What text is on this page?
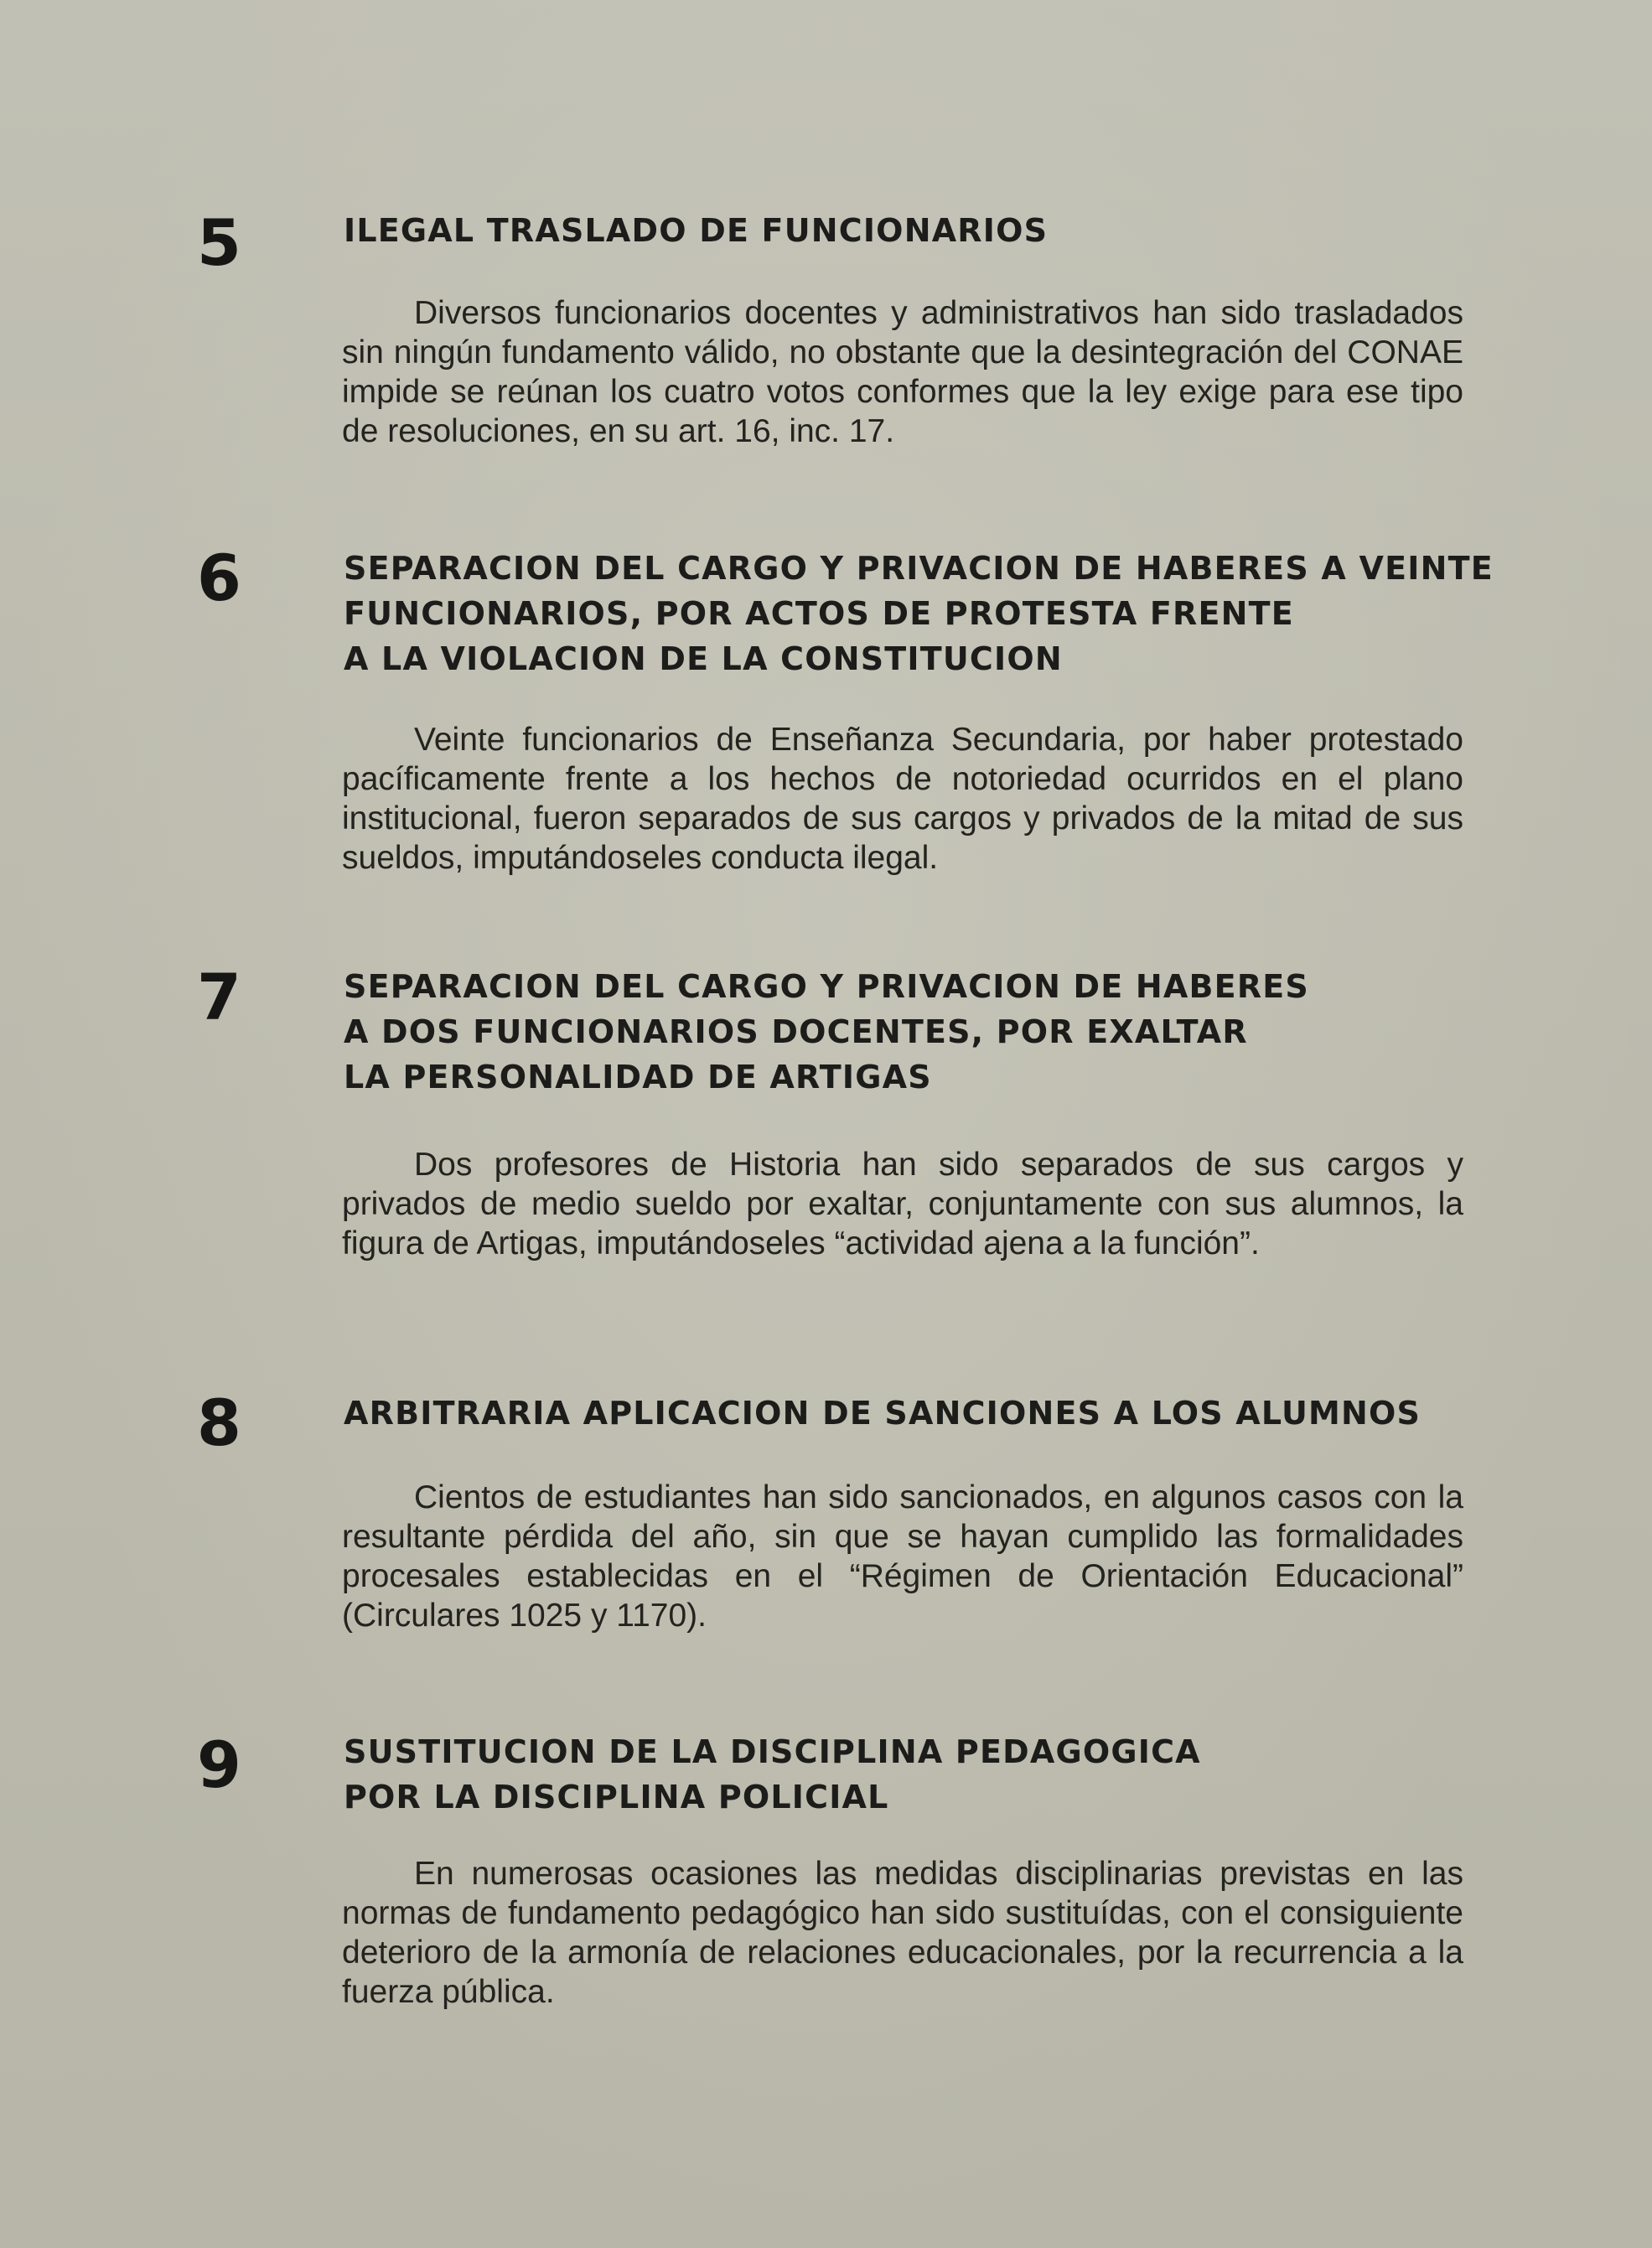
5	ILEGAL TRASLADO DE FUNCIONARIOS

Diversos funcionarios docentes y administrativos han sido trasladados sin ningún fundamento válido, no obstante que la desintegración del CONAE impide se reúnan los cuatro votos conformes que la ley exige para ese tipo de resoluciones, en su art. 16, inc. 17.

6	SEPARACION DEL CARGO Y PRIVACION DE HABERES A VEINTE
FUNCIONARIOS, POR ACTOS DE PROTESTA FRENTE
A LA VIOLACION DE LA CONSTITUCION

Veinte funcionarios de Enseñanza Secundaria, por haber protestado pacíficamente frente a los hechos de notoriedad ocurridos en el plano institucional, fueron separados de sus cargos y privados de la mitad de sus sueldos, imputándoseles conducta ilegal.

7	SEPARACION DEL CARGO Y PRIVACION DE HABERES
A DOS FUNCIONARIOS DOCENTES, POR EXALTAR
LA PERSONALIDAD DE ARTIGAS

Dos profesores de Historia han sido separados de sus cargos y privados de medio sueldo por exaltar, conjuntamente con sus alumnos, la figura de Artigas, imputándoseles “actividad ajena a la función”.

8	ARBITRARIA APLICACION DE SANCIONES A LOS ALUMNOS

Cientos de estudiantes han sido sancionados, en algunos casos con la resultante pérdida del año, sin que se hayan cumplido las formalidades procesales establecidas en el “Régimen de Orientación Educacional” (Circulares 1025 y 1170).

9	SUSTITUCION DE LA DISCIPLINA PEDAGOGICA
POR LA DISCIPLINA POLICIAL

En numerosas ocasiones las medidas disciplinarias previstas en las normas de fundamento pedagógico han sido sustituídas, con el consiguiente deterioro de la armonía de relaciones educacionales, por la recurrencia a la fuerza pública.
